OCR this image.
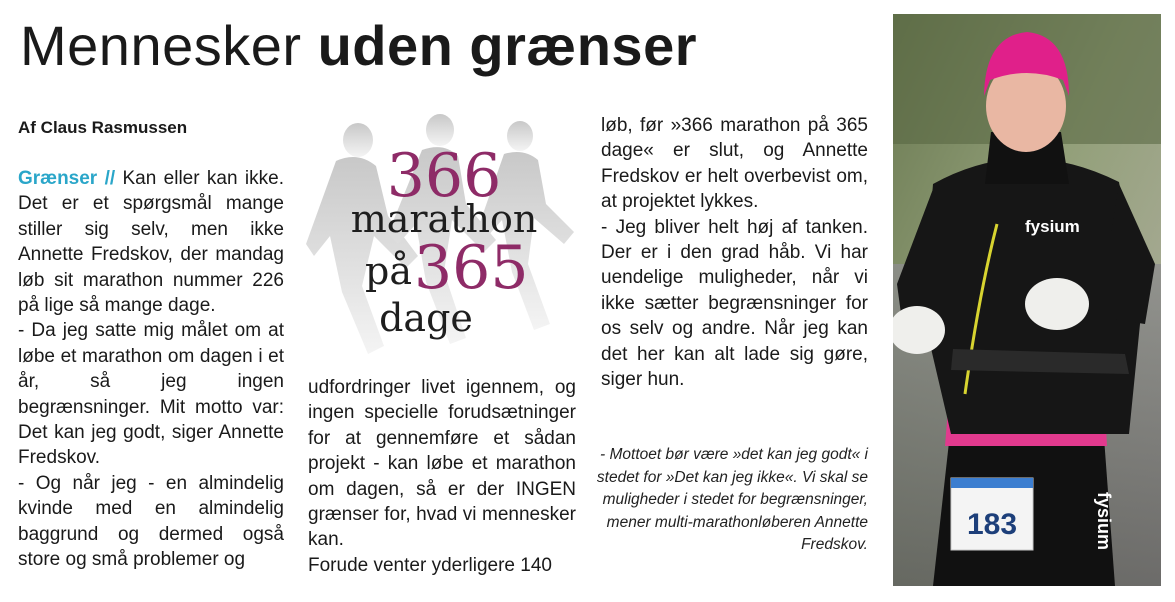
Mennesker uden grænser
Af Claus Rasmussen

Grænser // Kan eller kan ikke. Det er et spørgsmål mange stiller sig selv, men ikke Annette Fredskov, der mandag løb sit marathon nummer 226 på lige så mange dage.

- Da jeg satte mig målet om at løbe et marathon om dagen i et år, så jeg ingen begrænsninger. Mit motto var: Det kan jeg godt, siger Annette Fredskov.

- Og når jeg - en almindelig kvinde med en almindelig baggrund og dermed også store og små problemer og

366
marathon
på 365
dage

udfordringer livet igennem, og ingen specielle forudsætninger for at gennemføre et sådan projekt - kan løbe et marathon om dagen, så er der INGEN grænser for, hvad vi mennesker kan.

Forude venter yderligere 140

løb, før »366 marathon på 365 dage« er slut, og Annette Fredskov er helt overbevist om, at projektet lykkes.

- Jeg bliver helt høj af tanken. Der er i den grad håb. Vi har uendelige muligheder, når vi ikke sætter begrænsninger for os selv og andre. Når jeg kan det her kan alt lade sig gøre, siger hun.

- Mottoet bør være »det kan jeg godt« i stedet for »Det kan jeg ikke«. Vi skal se muligheder i stedet for begrænsninger, mener multi-marathonløberen Annette Fredskov.
fysium
183	fysium
